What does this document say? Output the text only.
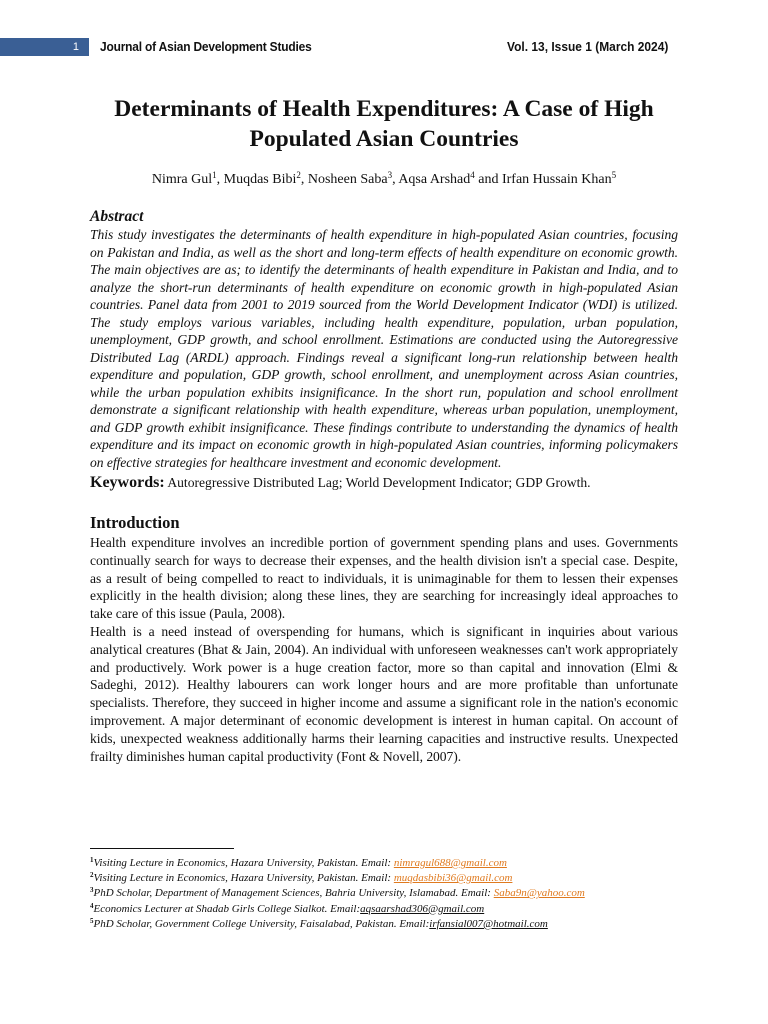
1	Journal of Asian Development Studies	Vol. 13, Issue 1 (March 2024)
Determinants of Health Expenditures: A Case of High Populated Asian Countries
Nimra Gul$^1$, Muqdas Bibi$^2$, Nosheen Saba$^3$, Aqsa Arshad$^4$ and Irfan Hussain Khan$^5$
Abstract

This study investigates the determinants of health expenditure in high-populated Asian countries, focusing on Pakistan and India, as well as the short and long-term effects of health expenditure on economic growth. The main objectives are as; to identify the determinants of health expenditure in Pakistan and India, and to analyze the short-run determinants of health expenditure on economic growth in high-populated Asian countries. Panel data from 2001 to 2019 sourced from the World Development Indicator (WDI) is utilized. The study employs various variables, including health expenditure, population, urban population, unemployment, GDP growth, and school enrollment. Estimations are conducted using the Autoregressive Distributed Lag (ARDL) approach. Findings reveal a significant long-run relationship between health expenditure and population, GDP growth, school enrollment, and unemployment across Asian countries, while the urban population exhibits insignificance. In the short run, population and school enrollment demonstrate a significant relationship with health expenditure, whereas urban population, unemployment, and GDP growth exhibit insignificance. These findings contribute to understanding the dynamics of health expenditure and its impact on economic growth in high-populated Asian countries, informing policymakers on effective strategies for healthcare investment and economic development.

Keywords: Autoregressive Distributed Lag; World Development Indicator; GDP Growth.

Introduction

Health expenditure involves an incredible portion of government spending plans and uses. Governments continually search for ways to decrease their expenses, and the health division isn't a special case. Despite, as a result of being compelled to react to individuals, it is unimaginable for them to lessen their expenses explicitly in the health division; along these lines, they are searching for increasingly ideal approaches to take care of this issue (Paula, 2008).

Health is a need instead of overspending for humans, which is significant in inquiries about various analytical creatures (Bhat & Jain, 2004). An individual with unforeseen weaknesses can't work appropriately and productively. Work power is a huge creation factor, more so than capital and innovation (Elmi & Sadeghi, 2012). Healthy labourers can work longer hours and are more profitable than unfortunate specialists. Therefore, they succeed in higher income and assume a significant role in the nation's economic improvement. A major determinant of economic development is interest in human capital. On account of kids, unexpected weakness additionally harms their learning capacities and instructive results. Unexpected frailty diminishes human capital productivity (Font & Novell, 2007).

$^1$Visiting Lecture in Economics, Hazara University, Pakistan. Email: nimragul688@gmail.com
$^2$Visiting Lecture in Economics, Hazara University, Pakistan. Email: muqdasbibi36@gmail.com
$^3$PhD Scholar, Department of Management Sciences, Bahria University, Islamabad. Email: Saba9n@yahoo.com
$^4$Economics Lecturer at Shadab Girls College Sialkot. Email:aqsaarshad306@gmail.com
$^5$PhD Scholar, Government College University, Faisalabad, Pakistan. Email:irfansial007@hotmail.com
